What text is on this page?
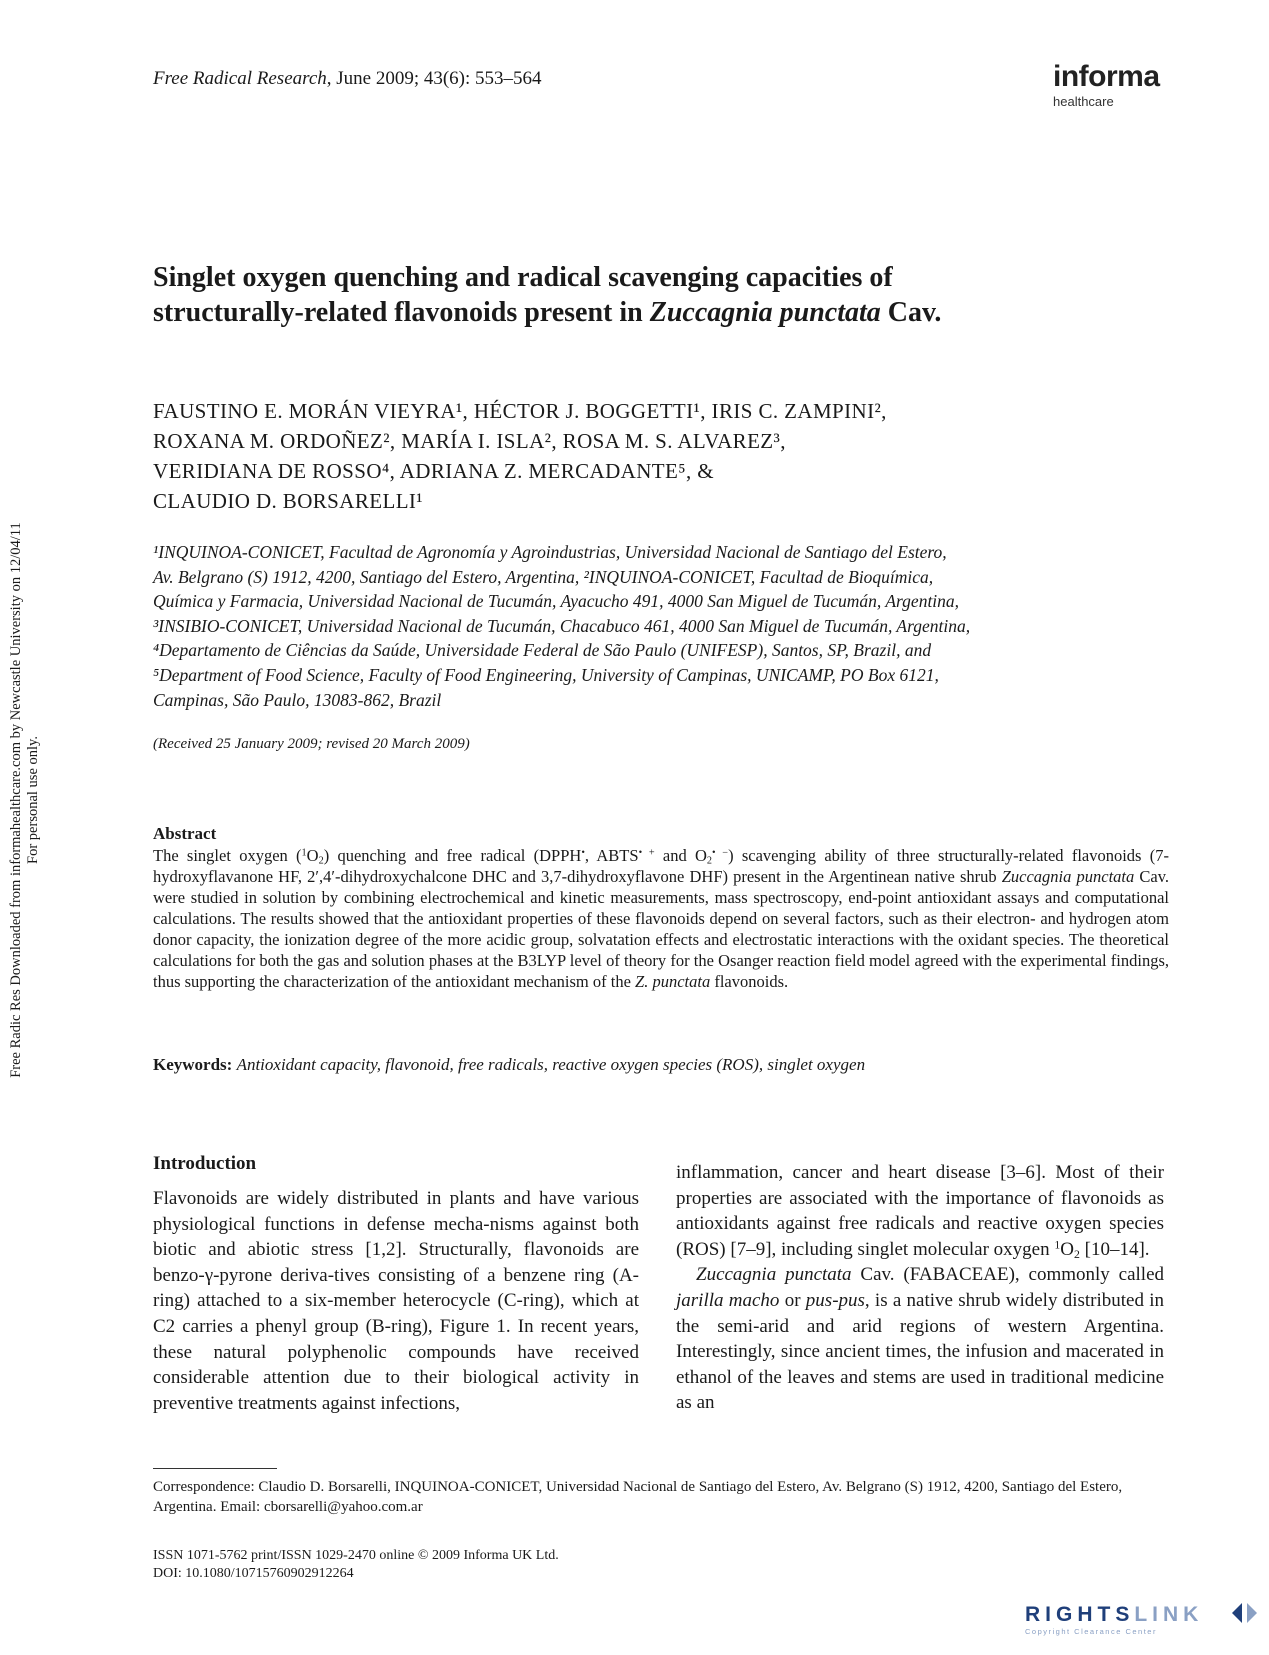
Free Radical Research, June 2009; 43(6): 553–564	informa
healthcare
Singlet oxygen quenching and radical scavenging capacities of
structurally-related flavonoids present in Zuccagnia punctata Cav.
FAUSTINO E. MORÁN VIEYRA¹, HÉCTOR J. BOGGETTI¹, IRIS C. ZAMPINI²,
ROXANA M. ORDOÑEZ², MARÍA I. ISLA², ROSA M. S. ALVAREZ³,
VERIDIANA DE ROSSO⁴, ADRIANA Z. MERCADANTE⁵, &
CLAUDIO D. BORSARELLI¹
¹INQUINOA-CONICET, Facultad de Agronomía y Agroindustrias, Universidad Nacional de Santiago del Estero,
Av. Belgrano (S) 1912, 4200, Santiago del Estero, Argentina, ²INQUINOA-CONICET, Facultad de Bioquímica,
Química y Farmacia, Universidad Nacional de Tucumán, Ayacucho 491, 4000 San Miguel de Tucumán, Argentina,
³INSIBIO-CONICET, Universidad Nacional de Tucumán, Chacabuco 461, 4000 San Miguel de Tucumán, Argentina,
⁴Departamento de Ciências da Saúde, Universidade Federal de São Paulo (UNIFESP), Santos, SP, Brazil, and
⁵Department of Food Science, Faculty of Food Engineering, University of Campinas, UNICAMP, PO Box 6121,
Campinas, São Paulo, 13083-862, Brazil
(Received 25 January 2009; revised 20 March 2009)
Abstract
The singlet oxygen $(^1O_2)$ quenching and free radical (DPPH•, ABTS• + and $O_2^{• -}$) scavenging ability of three structurally-related flavonoids (7-hydroxyflavanone HF, 2′,4′-dihydroxychalcone DHC and 3,7-dihydroxyflavone DHF) present in the Argentinean native shrub Zuccagnia punctata Cav. were studied in solution by combining electrochemical and kinetic measurements, mass spectroscopy, end-point antioxidant assays and computational calculations. The results showed that the antioxidant properties of these flavonoids depend on several factors, such as their electron- and hydrogen atom donor capacity, the ionization degree of the more acidic group, solvatation effects and electrostatic interactions with the oxidant species. The theoretical calculations for both the gas and solution phases at the B3LYP level of theory for the Osanger reaction field model agreed with the experimental findings, thus supporting the characterization of the antioxidant mechanism of the Z. punctata flavonoids.
Keywords: Antioxidant capacity, flavonoid, free radicals, reactive oxygen species (ROS), singlet oxygen
Introduction
Flavonoids are widely distributed in plants and have various physiological functions in defense mecha-nisms against both biotic and abiotic stress [1,2]. Structurally, flavonoids are benzo-γ-pyrone deriva-tives consisting of a benzene ring (A-ring) attached to a six-member heterocycle (C-ring), which at C2 carries a phenyl group (B-ring), Figure 1. In recent years, these natural polyphenolic compounds have received considerable attention due to their biological activity in preventive treatments against infections,
inflammation, cancer and heart disease [3–6]. Most of their properties are associated with the importance of flavonoids as antioxidants against free radicals and reactive oxygen species (ROS) [7–9], including singlet molecular oxygen $^1O_2$ [10–14].
Zuccagnia punctata Cav. (FABACEAE), commonly called jarilla macho or pus-pus, is a native shrub widely distributed in the semi-arid and arid regions of western Argentina. Interestingly, since ancient times, the infusion and macerated in ethanol of the leaves and stems are used in traditional medicine as an
Correspondence: Claudio D. Borsarelli, INQUINOA-CONICET, Universidad Nacional de Santiago del Estero, Av. Belgrano (S) 1912, 4200, Santiago del Estero, Argentina. Email: cborsarelli@yahoo.com.ar
ISSN 1071-5762 print/ISSN 1029-2470 online © 2009 Informa UK Ltd.
DOI: 10.1080/10715760902912264
Free Radic Res Downloaded from informahealthcare.com by Newcastle University on 12/04/11 For personal use only.
RIGHTSLINK
Copyright Clearance Center
